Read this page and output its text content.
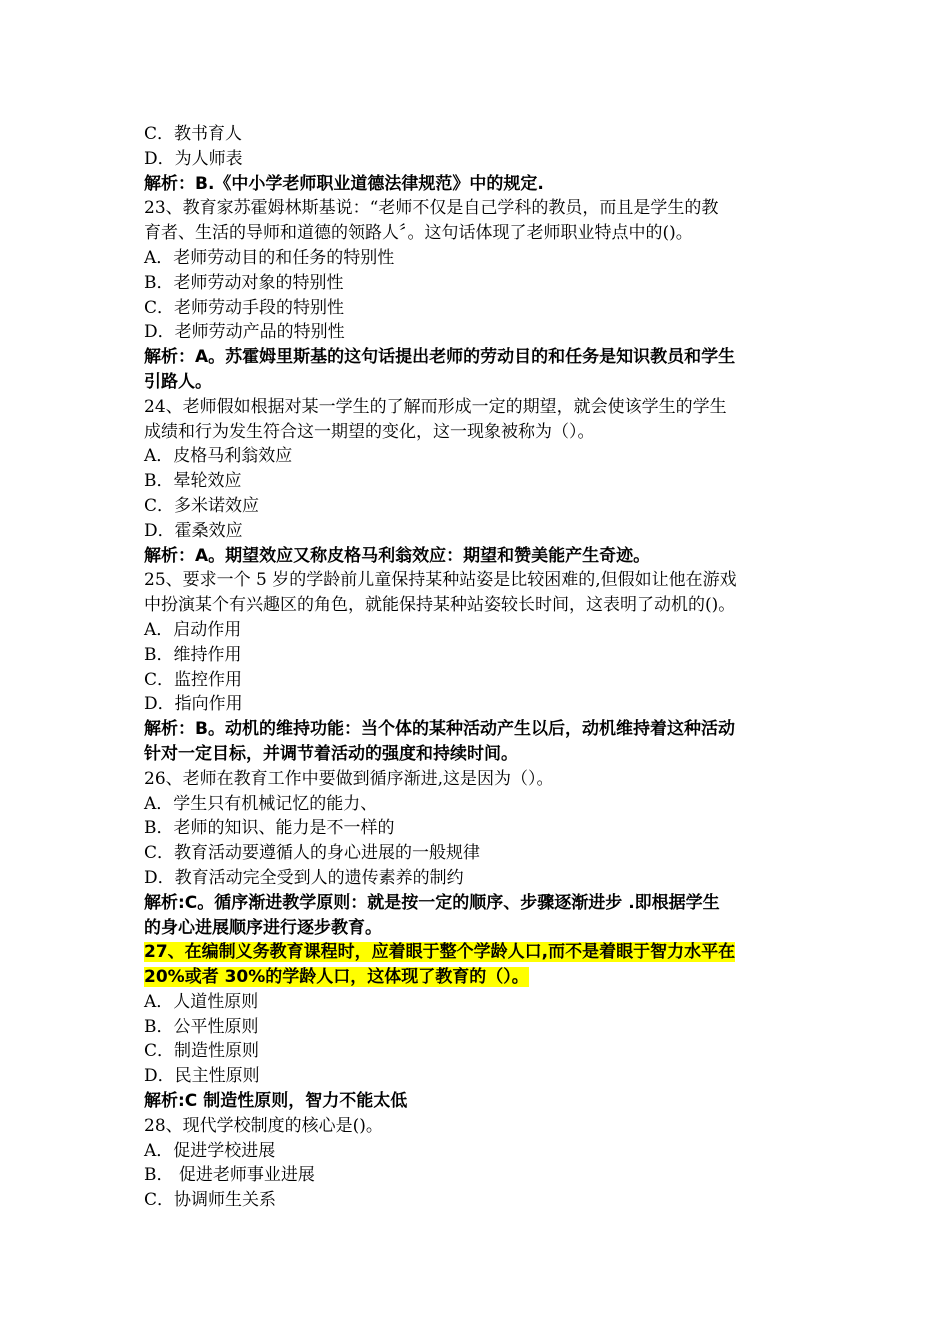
C．教书育人
D．为人师表
解析：B.《中小学老师职业道德法律规范》中的规定.
23、教育家苏霍姆林斯基说：“老师不仅是自己学科的教员，而且是学生的教
育者、生活的导师和道德的领路人〞。这句话体现了老师职业特点中的()。
A．老师劳动目的和任务的特别性
B．老师劳动对象的特别性
C．老师劳动手段的特别性
D．老师劳动产品的特别性
解析：A。苏霍姆里斯基的这句话提出老师的劳动目的和任务是知识教员和学生
引路人。
24、老师假如根据对某一学生的了解而形成一定的期望，就会使该学生的学生
成绩和行为发生符合这一期望的变化，这一现象被称为（）。
A．皮格马利翁效应
B．晕轮效应
C．多米诺效应
D．霍桑效应
解析：A。期望效应又称皮格马利翁效应：期望和赞美能产生奇迹。
25、要求一个 5 岁的学龄前儿童保持某种站姿是比较困难的,但假如让他在游戏
中扮演某个有兴趣区的角色，就能保持某种站姿较长时间，这表明了动机的()。
A．启动作用
B．维持作用
C．监控作用
D．指向作用
解析：B。动机的维持功能：当个体的某种活动产生以后，动机维持着这种活动
针对一定目标，并调节着活动的强度和持续时间。
26、老师在教育工作中要做到循序渐进,这是因为（）。
A．学生只有机械记忆的能力、
B．老师的知识、能力是不一样的
C．教育活动要遵循人的身心进展的一般规律
D．教育活动完全受到人的遗传素养的制约
解析:C。循序渐进教学原则：就是按一定的顺序、步骤逐渐进步 .即根据学生
的身心进展顺序进行逐步教育。
27、在编制义务教育课程时，应着眼于整个学龄人口,而不是着眼于智力水平在
20%或者 30%的学龄人口，这体现了教育的（）。
A．人道性原则
B．公平性原则
C．制造性原则
D．民主性原则
解析:C 制造性原则，智力不能太低
28、现代学校制度的核心是()。
A．促进学校进展
B． 促进老师事业进展
C．协调师生关系
